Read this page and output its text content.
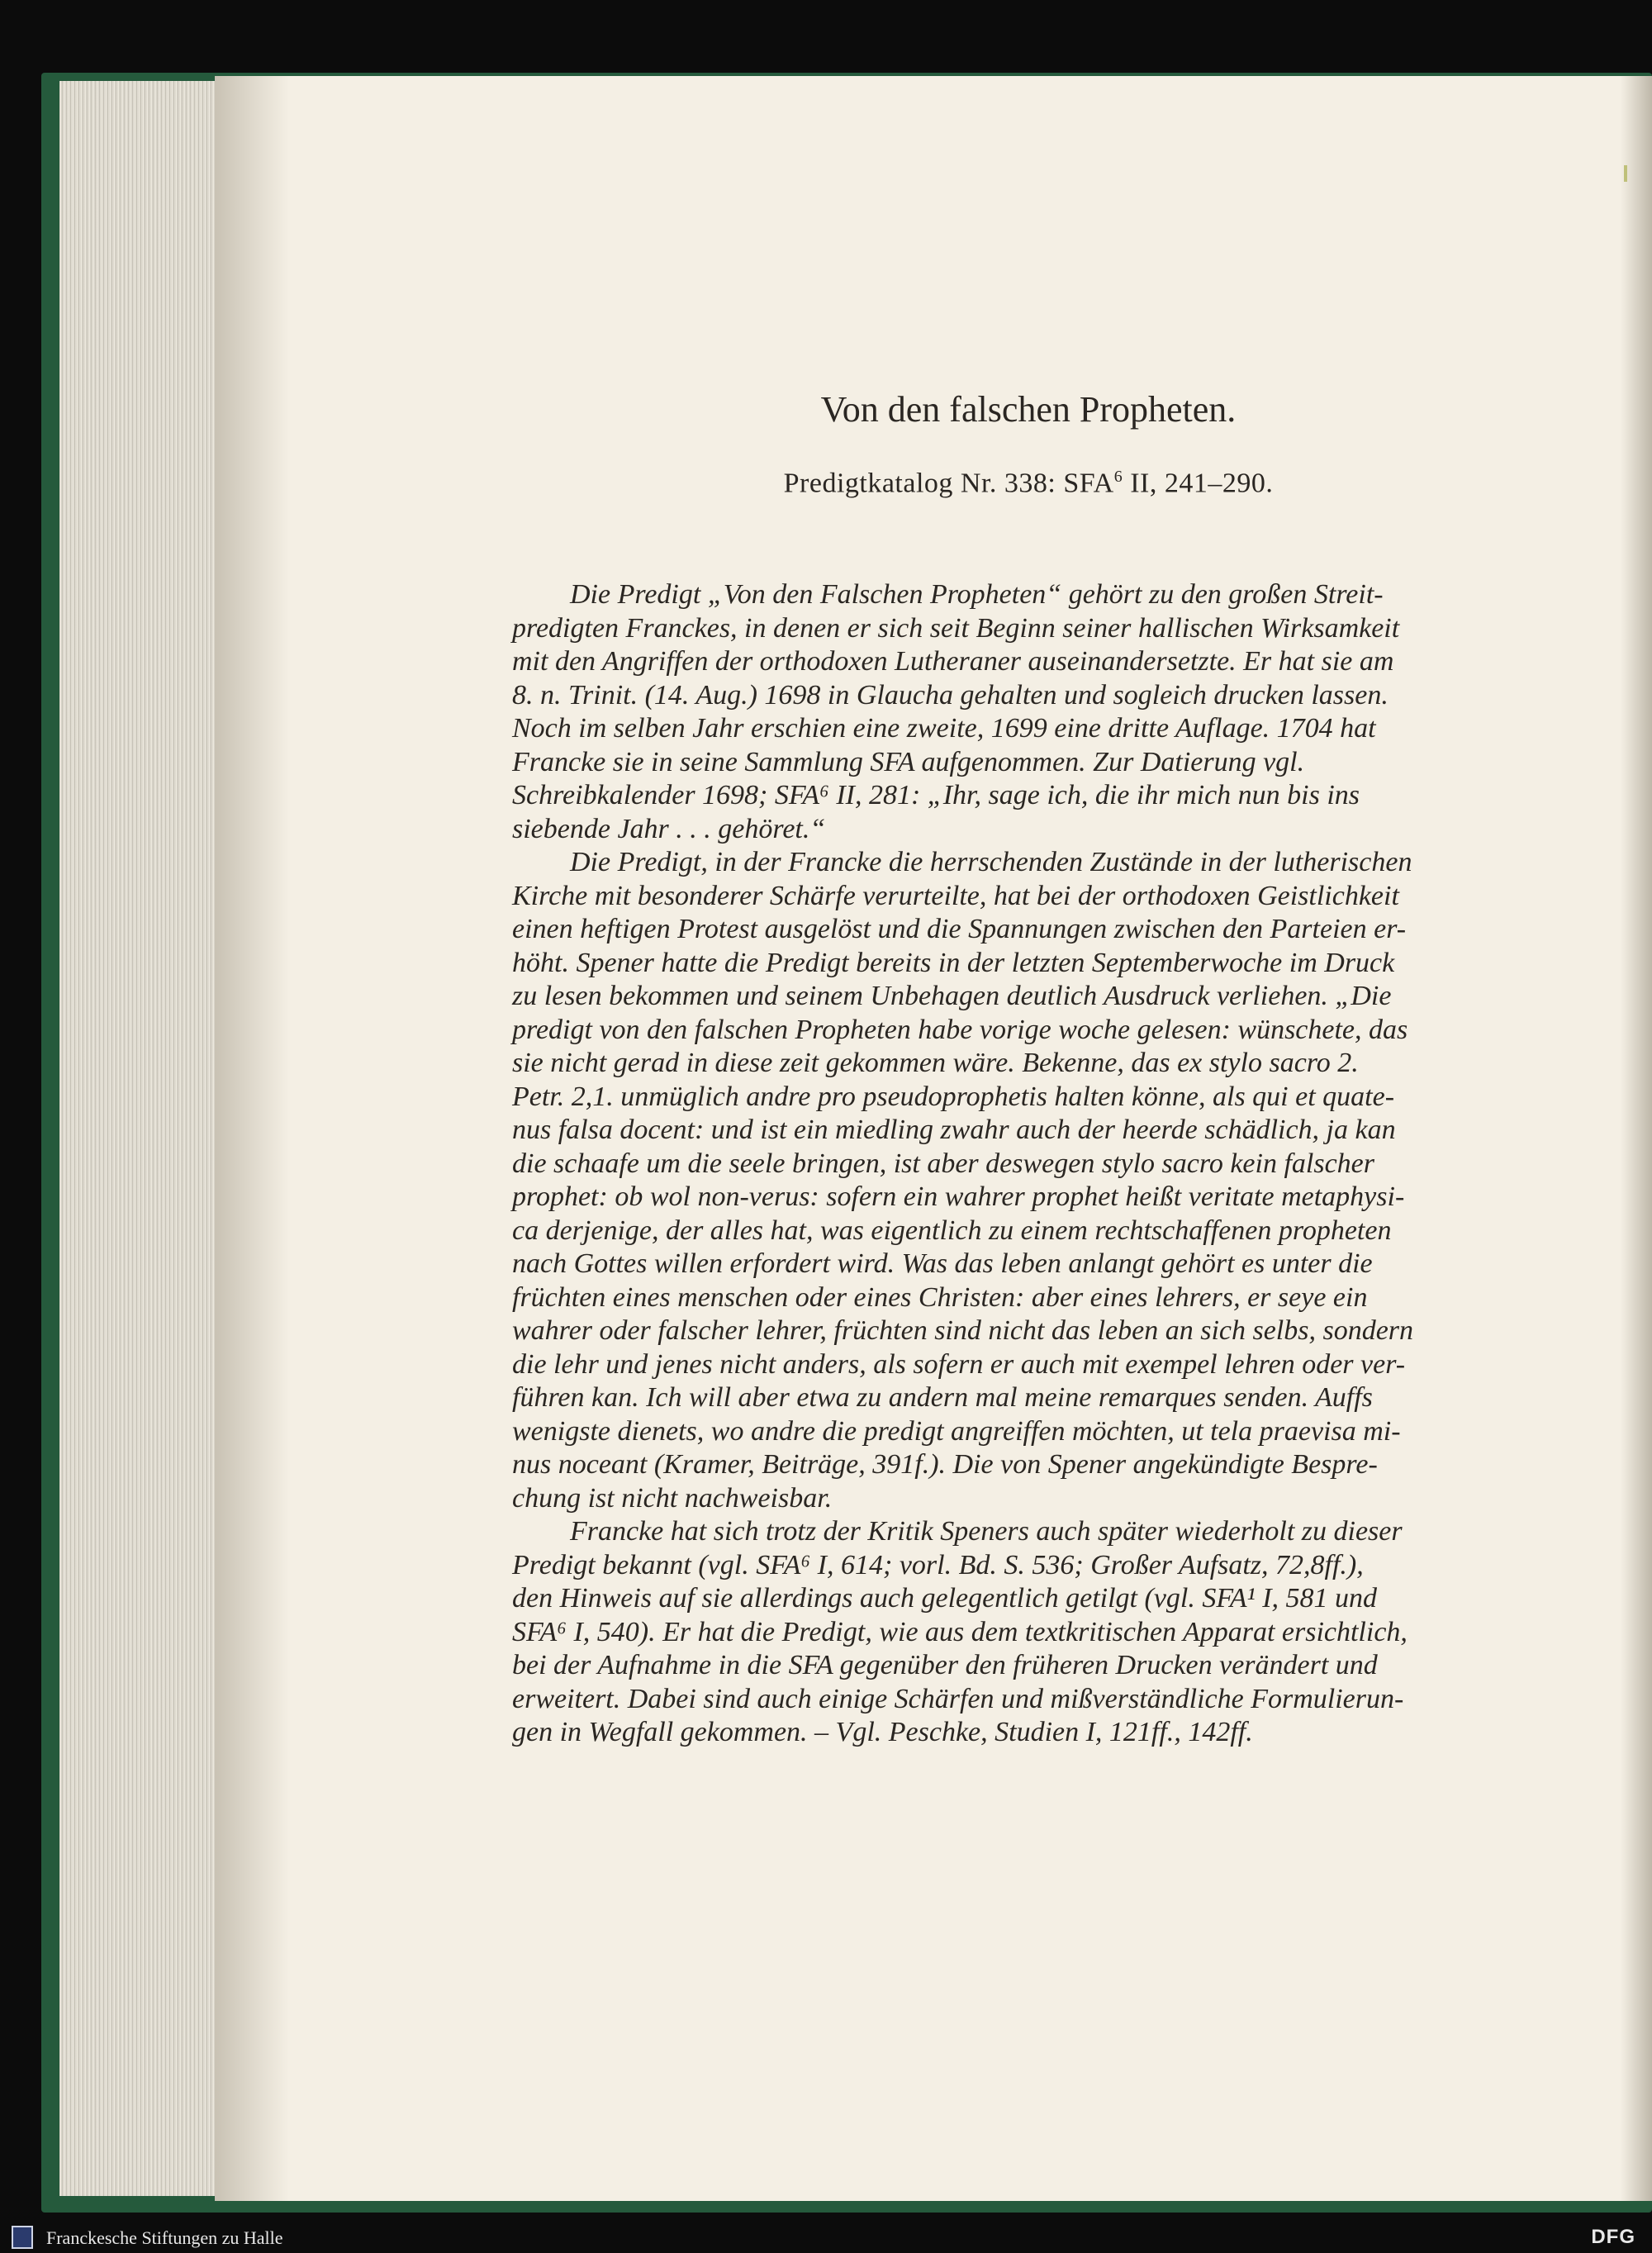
Von den falschen Propheten.
Predigtkatalog Nr. 338: SFA$^6$ II, 241–290.
Die Predigt „Von den Falschen Propheten“ gehört zu den großen Streit-
predigten Franckes, in denen er sich seit Beginn seiner hallischen Wirksamkeit
mit den Angriffen der orthodoxen Lutheraner auseinandersetzte. Er hat sie am
8. n. Trinit. (14. Aug.) 1698 in Glaucha gehalten und sogleich drucken lassen.
Noch im selben Jahr erschien eine zweite, 1699 eine dritte Auflage. 1704 hat
Francke sie in seine Sammlung SFA aufgenommen. Zur Datierung vgl.
Schreibkalender 1698; SFA⁶ II, 281: „Ihr, sage ich, die ihr mich nun bis ins
siebende Jahr . . . gehöret.“
Die Predigt, in der Francke die herrschenden Zustände in der lutherischen
Kirche mit besonderer Schärfe verurteilte, hat bei der orthodoxen Geistlichkeit
einen heftigen Protest ausgelöst und die Spannungen zwischen den Parteien er-
höht. Spener hatte die Predigt bereits in der letzten Septemberwoche im Druck
zu lesen bekommen und seinem Unbehagen deutlich Ausdruck verliehen. „Die
predigt von den falschen Propheten habe vorige woche gelesen: wünschete, das
sie nicht gerad in diese zeit gekommen wäre. Bekenne, das ex stylo sacro 2.
Petr. 2,1. unmüglich andre pro pseudoprophetis halten könne, als qui et quate-
nus falsa docent: und ist ein miedling zwahr auch der heerde schädlich, ja kan
die schaafe um die seele bringen, ist aber deswegen stylo sacro kein falscher
prophet: ob wol non-verus: sofern ein wahrer prophet heißt veritate metaphysi-
ca derjenige, der alles hat, was eigentlich zu einem rechtschaffenen propheten
nach Gottes willen erfordert wird. Was das leben anlangt gehört es unter die
früchten eines menschen oder eines Christen: aber eines lehrers, er seye ein
wahrer oder falscher lehrer, früchten sind nicht das leben an sich selbs, sondern
die lehr und jenes nicht anders, als sofern er auch mit exempel lehren oder ver-
führen kan. Ich will aber etwa zu andern mal meine remarques senden. Auffs
wenigste dienets, wo andre die predigt angreiffen möchten, ut tela praevisa mi-
nus noceant (Kramer, Beiträge, 391f.). Die von Spener angekündigte Bespre-
chung ist nicht nachweisbar.
Francke hat sich trotz der Kritik Speners auch später wiederholt zu dieser
Predigt bekannt (vgl. SFA⁶ I, 614; vorl. Bd. S. 536; Großer Aufsatz, 72,8ff.),
den Hinweis auf sie allerdings auch gelegentlich getilgt (vgl. SFA¹ I, 581 und
SFA⁶ I, 540). Er hat die Predigt, wie aus dem textkritischen Apparat ersichtlich,
bei der Aufnahme in die SFA gegenüber den früheren Drucken verändert und
erweitert. Dabei sind auch einige Schärfen und mißverständliche Formulierun-
gen in Wegfall gekommen. – Vgl. Peschke, Studien I, 121ff., 142ff.
Franckesche Stiftungen zu Halle	DFG
